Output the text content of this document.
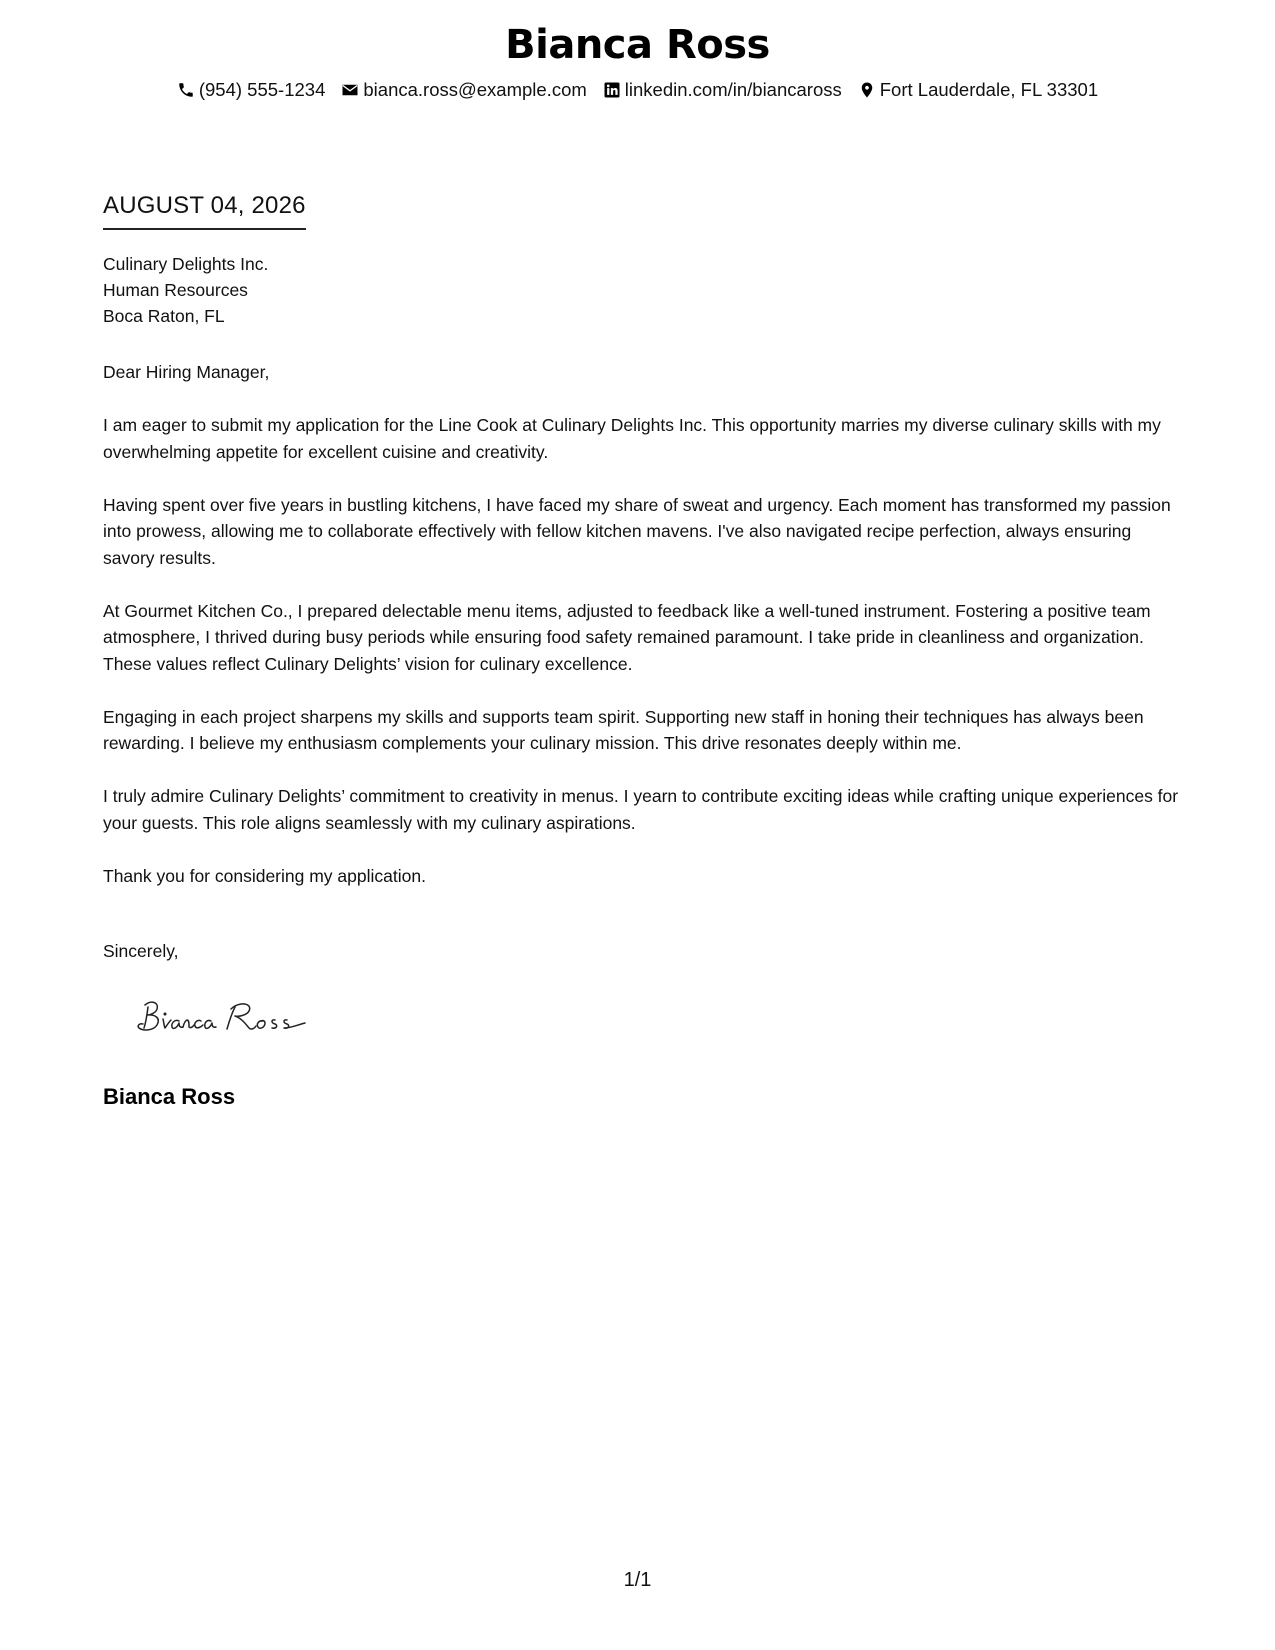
Bianca Ross
(954) 555-1234 bianca.ross@example.com linkedin.com/in/biancaross Fort Lauderdale, FL 33301
AUGUST 04, 2026
Culinary Delights Inc.
Human Resources
Boca Raton, FL

Dear Hiring Manager,

I am eager to submit my application for the Line Cook at Culinary Delights Inc. This opportunity marries my diverse culinary skills with my overwhelming appetite for excellent cuisine and creativity.

Having spent over five years in bustling kitchens, I have faced my share of sweat and urgency. Each moment has transformed my passion into prowess, allowing me to collaborate effectively with fellow kitchen mavens. I've also navigated recipe perfection, always ensuring savory results.

At Gourmet Kitchen Co., I prepared delectable menu items, adjusted to feedback like a well-tuned instrument. Fostering a positive team atmosphere, I thrived during busy periods while ensuring food safety remained paramount. I take pride in cleanliness and organization. These values reflect Culinary Delights’ vision for culinary excellence.

Engaging in each project sharpens my skills and supports team spirit. Supporting new staff in honing their techniques has always been rewarding. I believe my enthusiasm complements your culinary mission. This drive resonates deeply within me.

I truly admire Culinary Delights’ commitment to creativity in menus. I yearn to contribute exciting ideas while crafting unique experiences for your guests. This role aligns seamlessly with my culinary aspirations.

Thank you for considering my application.

Sincerely,
Bianca Ross
1/1
